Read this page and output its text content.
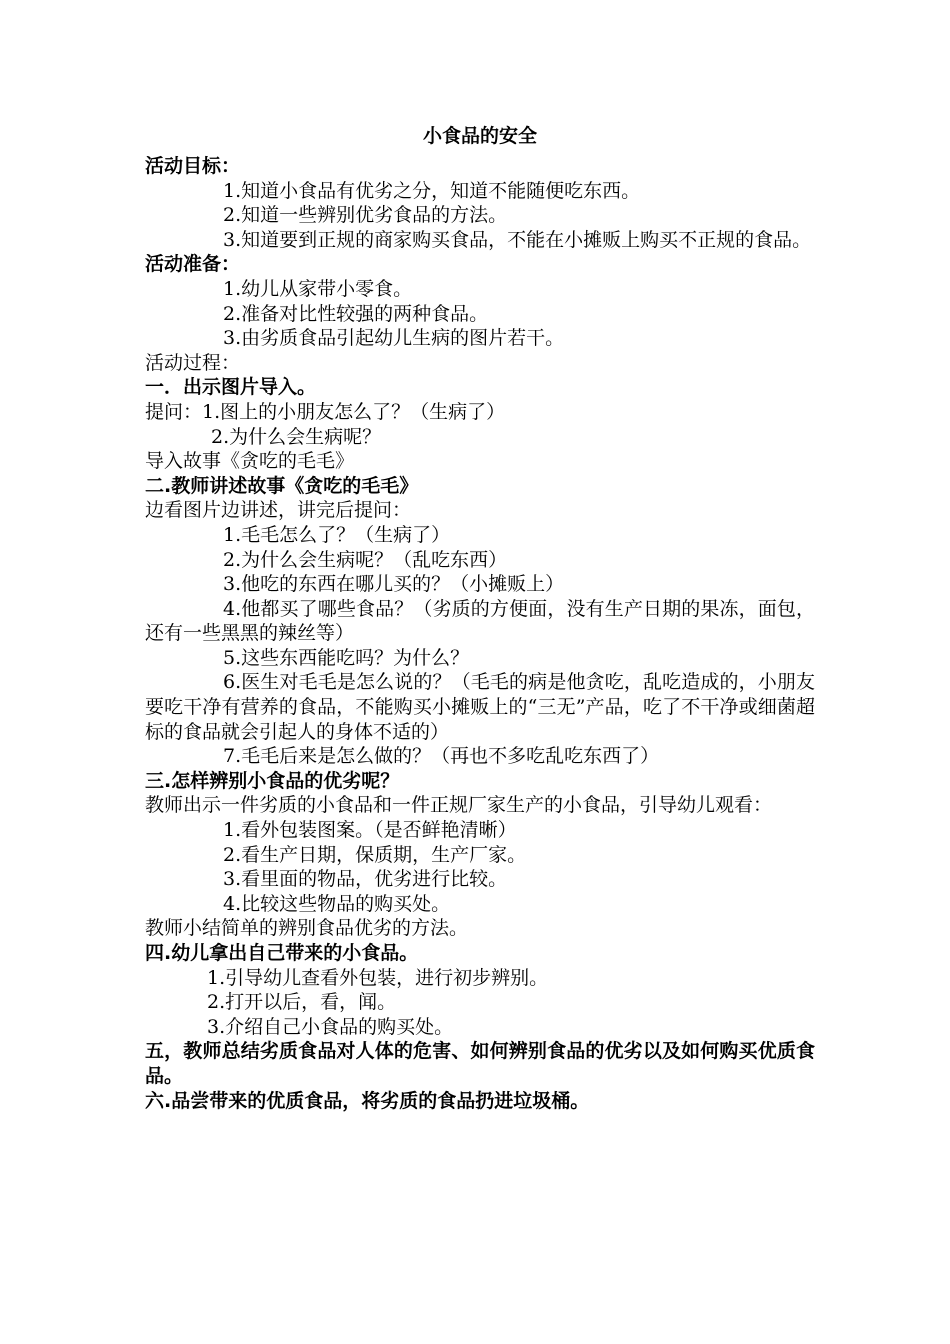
小食品的安全
活动目标：
1.知道小食品有优劣之分，知道不能随便吃东西。
2.知道一些辨别优劣食品的方法。
3.知道要到正规的商家购买食品，不能在小摊贩上购买不正规的食品。
活动准备：
1.幼儿从家带小零食。
2.准备对比性较强的两种食品。
3.由劣质食品引起幼儿生病的图片若干。
活动过程：
一．出示图片导入。
提问：1.图上的小朋友怎么了？（生病了）
2.为什么会生病呢？
导入故事《贪吃的毛毛》
二.教师讲述故事《贪吃的毛毛》
边看图片边讲述，讲完后提问：
1.毛毛怎么了？（生病了）
2.为什么会生病呢？（乱吃东西）
3.他吃的东西在哪儿买的？（小摊贩上）
4.他都买了哪些食品？（劣质的方便面，没有生产日期的果冻，面包，还有一些黑黑的辣丝等）
5.这些东西能吃吗？为什么？
6.医生对毛毛是怎么说的？（毛毛的病是他贪吃，乱吃造成的，小朋友要吃干净有营养的食品，不能购买小摊贩上的“三无”产品，吃了不干净或细菌超标的食品就会引起人的身体不适的）
7.毛毛后来是怎么做的？（再也不多吃乱吃东西了）
三.怎样辨别小食品的优劣呢？
教师出示一件劣质的小食品和一件正规厂家生产的小食品，引导幼儿观看：
1.看外包装图案。（是否鲜艳清晰）
2.看生产日期，保质期，生产厂家。
3.看里面的物品，优劣进行比较。
4.比较这些物品的购买处。
教师小结简单的辨别食品优劣的方法。
四.幼儿拿出自己带来的小食品。
1.引导幼儿查看外包装，进行初步辨别。
2.打开以后，看，闻。
3.介绍自己小食品的购买处。
五，教师总结劣质食品对人体的危害、如何辨别食品的优劣以及如何购买优质食品。
六.品尝带来的优质食品，将劣质的食品扔进垃圾桶。
